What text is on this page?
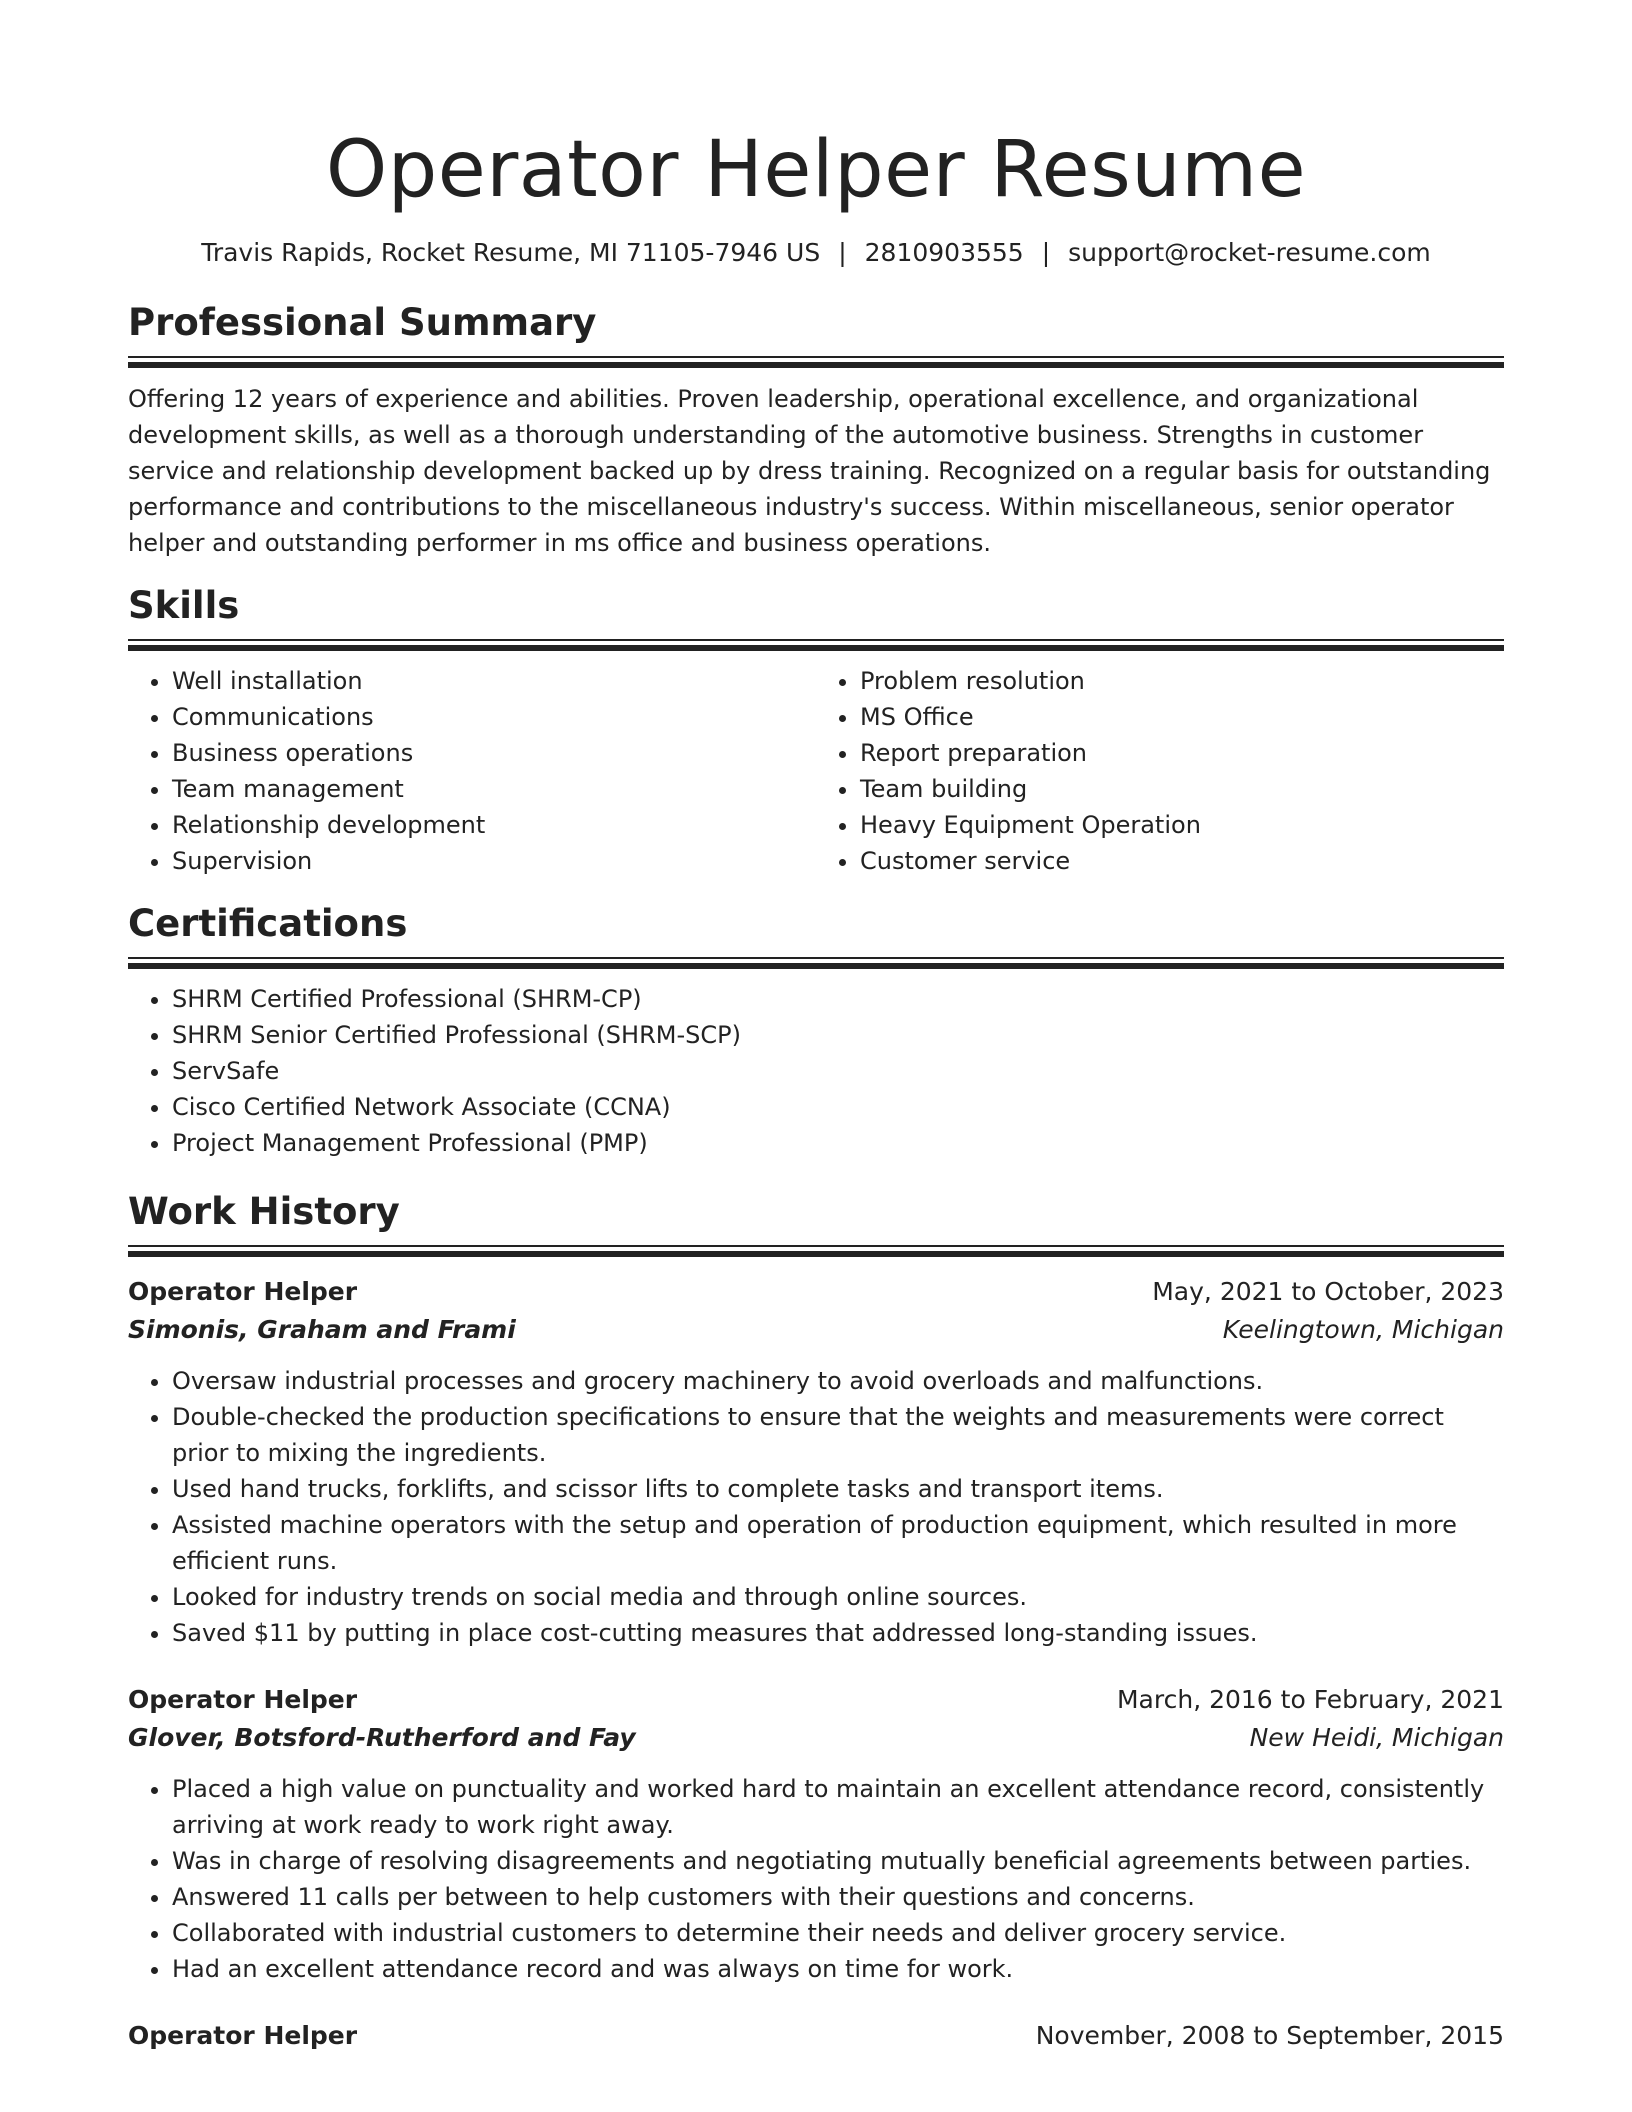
Operator Helper Resume
Travis Rapids, Rocket Resume, MI 71105-7946 US | 2810903555 | support@rocket-resume.com
Professional Summary

Offering 12 years of experience and abilities. Proven leadership, operational excellence, and organizational development skills, as well as a thorough understanding of the automotive business. Strengths in customer service and relationship development backed up by dress training. Recognized on a regular basis for outstanding performance and contributions to the miscellaneous industry's success. Within miscellaneous, senior operator helper and outstanding performer in ms office and business operations.

Skills
• Well installation
• Communications
• Business operations
• Team management
• Relationship development
• Supervision
• Problem resolution
• MS Office
• Report preparation
• Team building
• Heavy Equipment Operation
• Customer service
Certifications
• SHRM Certified Professional (SHRM-CP)
• SHRM Senior Certified Professional (SHRM-SCP)
• ServSafe
• Cisco Certified Network Associate (CCNA)
• Project Management Professional (PMP)
Work History
Operator Helper	May, 2021 to October, 2023
Simonis, Graham and Frami	Keelingtown, Michigan
• Oversaw industrial processes and grocery machinery to avoid overloads and malfunctions.
• Double-checked the production specifications to ensure that the weights and measurements were correct prior to mixing the ingredients.
• Used hand trucks, forklifts, and scissor lifts to complete tasks and transport items.
• Assisted machine operators with the setup and operation of production equipment, which resulted in more efficient runs.
• Looked for industry trends on social media and through online sources.
• Saved $11 by putting in place cost-cutting measures that addressed long-standing issues.
Operator Helper	March, 2016 to February, 2021
Glover, Botsford-Rutherford and Fay	New Heidi, Michigan
• Placed a high value on punctuality and worked hard to maintain an excellent attendance record, consistently arriving at work ready to work right away.
• Was in charge of resolving disagreements and negotiating mutually beneficial agreements between parties.
• Answered 11 calls per between to help customers with their questions and concerns.
• Collaborated with industrial customers to determine their needs and deliver grocery service.
• Had an excellent attendance record and was always on time for work.
Operator Helper	November, 2008 to September, 2015
